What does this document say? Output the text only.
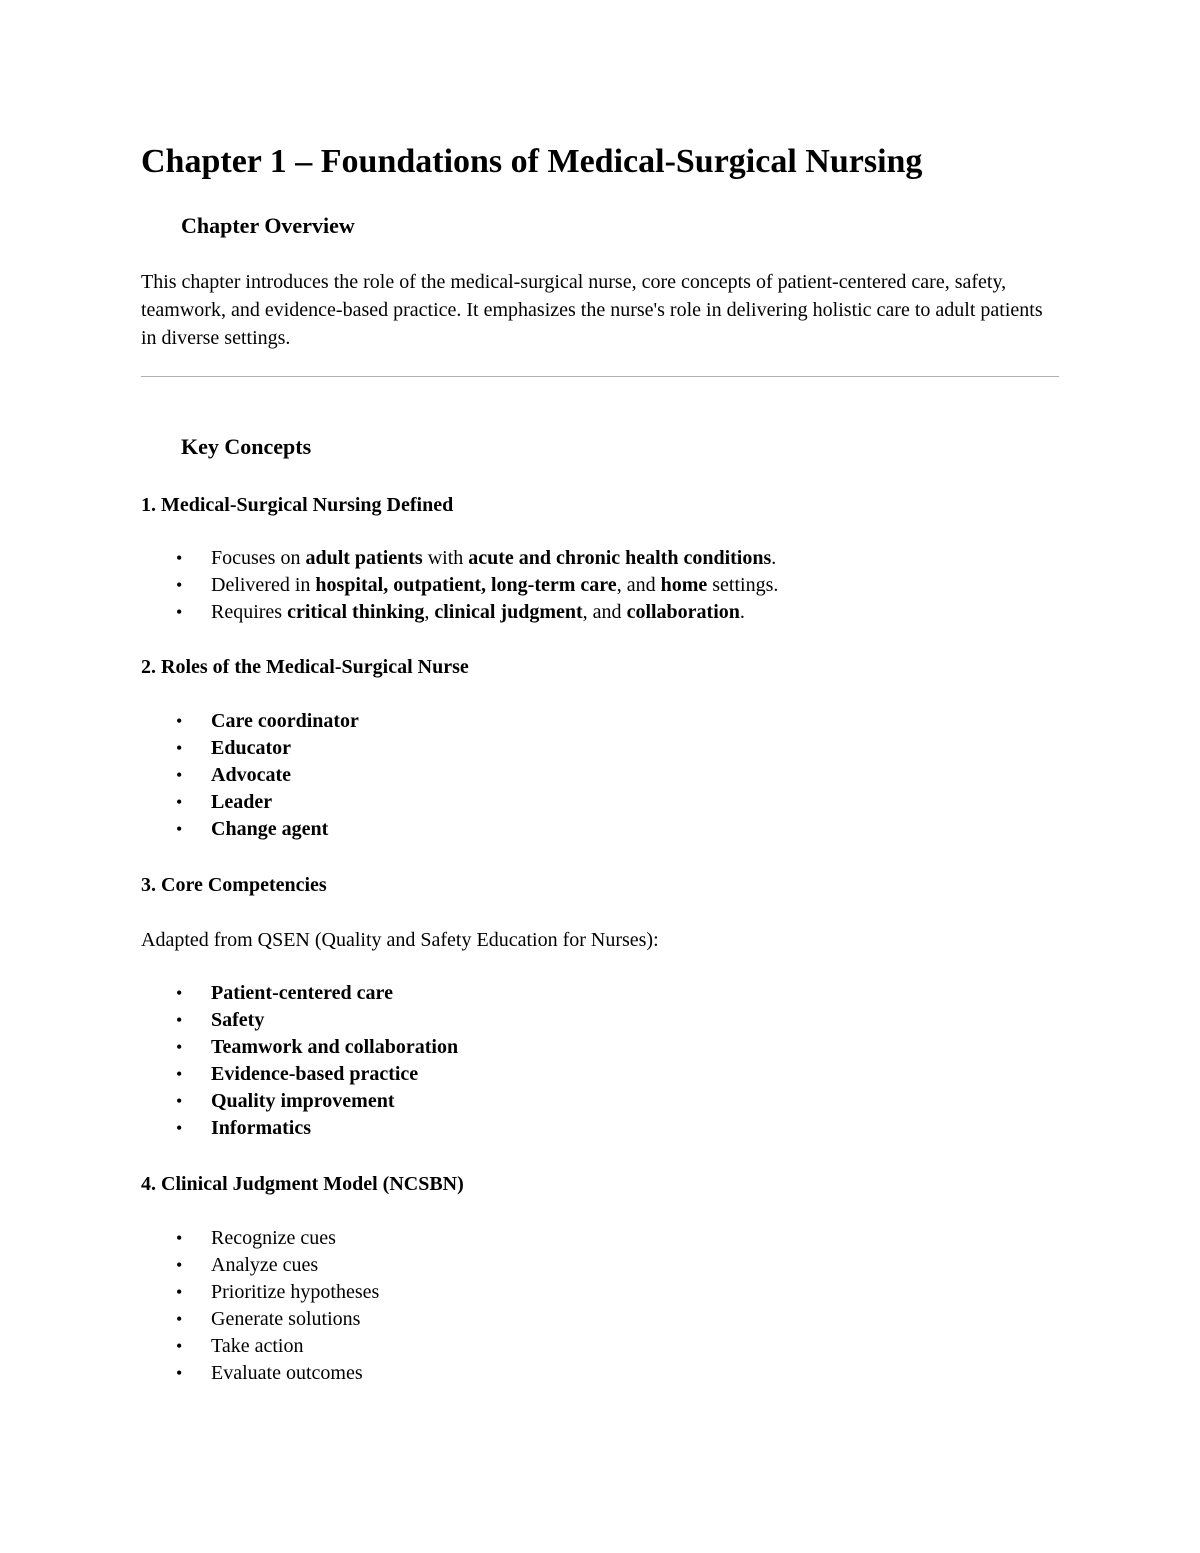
Chapter 1 – Foundations of Medical-Surgical Nursing
Chapter Overview

This chapter introduces the role of the medical-surgical nurse, core concepts of patient-centered care, safety, teamwork, and evidence-based practice. It emphasizes the nurse's role in delivering holistic care to adult patients in diverse settings.

Key Concepts
1. Medical-Surgical Nursing Defined
• Focuses on adult patients with acute and chronic health conditions.
• Delivered in hospital, outpatient, long-term care, and home settings.
• Requires critical thinking, clinical judgment, and collaboration.
2. Roles of the Medical-Surgical Nurse
• Care coordinator
• Educator
• Advocate
• Leader
• Change agent
3. Core Competencies

Adapted from QSEN (Quality and Safety Education for Nurses):

• Patient-centered care
• Safety
• Teamwork and collaboration
• Evidence-based practice
• Quality improvement
• Informatics
4. Clinical Judgment Model (NCSBN)
• Recognize cues
• Analyze cues
• Prioritize hypotheses
• Generate solutions
• Take action
• Evaluate outcomes
